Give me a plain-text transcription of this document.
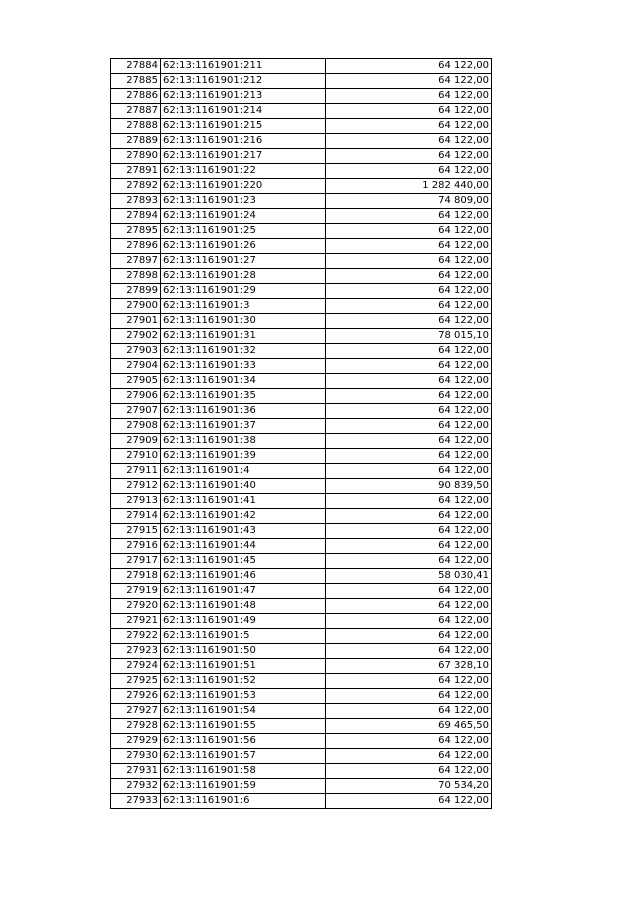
27884	62:13:1161901:211	64 122,00
27885	62:13:1161901:212	64 122,00
27886	62:13:1161901:213	64 122,00
27887	62:13:1161901:214	64 122,00
27888	62:13:1161901:215	64 122,00
27889	62:13:1161901:216	64 122,00
27890	62:13:1161901:217	64 122,00
27891	62:13:1161901:22	64 122,00
27892	62:13:1161901:220	1 282 440,00
27893	62:13:1161901:23	74 809,00
27894	62:13:1161901:24	64 122,00
27895	62:13:1161901:25	64 122,00
27896	62:13:1161901:26	64 122,00
27897	62:13:1161901:27	64 122,00
27898	62:13:1161901:28	64 122,00
27899	62:13:1161901:29	64 122,00
27900	62:13:1161901:3	64 122,00
27901	62:13:1161901:30	64 122,00
27902	62:13:1161901:31	78 015,10
27903	62:13:1161901:32	64 122,00
27904	62:13:1161901:33	64 122,00
27905	62:13:1161901:34	64 122,00
27906	62:13:1161901:35	64 122,00
27907	62:13:1161901:36	64 122,00
27908	62:13:1161901:37	64 122,00
27909	62:13:1161901:38	64 122,00
27910	62:13:1161901:39	64 122,00
27911	62:13:1161901:4	64 122,00
27912	62:13:1161901:40	90 839,50
27913	62:13:1161901:41	64 122,00
27914	62:13:1161901:42	64 122,00
27915	62:13:1161901:43	64 122,00
27916	62:13:1161901:44	64 122,00
27917	62:13:1161901:45	64 122,00
27918	62:13:1161901:46	58 030,41
27919	62:13:1161901:47	64 122,00
27920	62:13:1161901:48	64 122,00
27921	62:13:1161901:49	64 122,00
27922	62:13:1161901:5	64 122,00
27923	62:13:1161901:50	64 122,00
27924	62:13:1161901:51	67 328,10
27925	62:13:1161901:52	64 122,00
27926	62:13:1161901:53	64 122,00
27927	62:13:1161901:54	64 122,00
27928	62:13:1161901:55	69 465,50
27929	62:13:1161901:56	64 122,00
27930	62:13:1161901:57	64 122,00
27931	62:13:1161901:58	64 122,00
27932	62:13:1161901:59	70 534,20
27933	62:13:1161901:6	64 122,00
